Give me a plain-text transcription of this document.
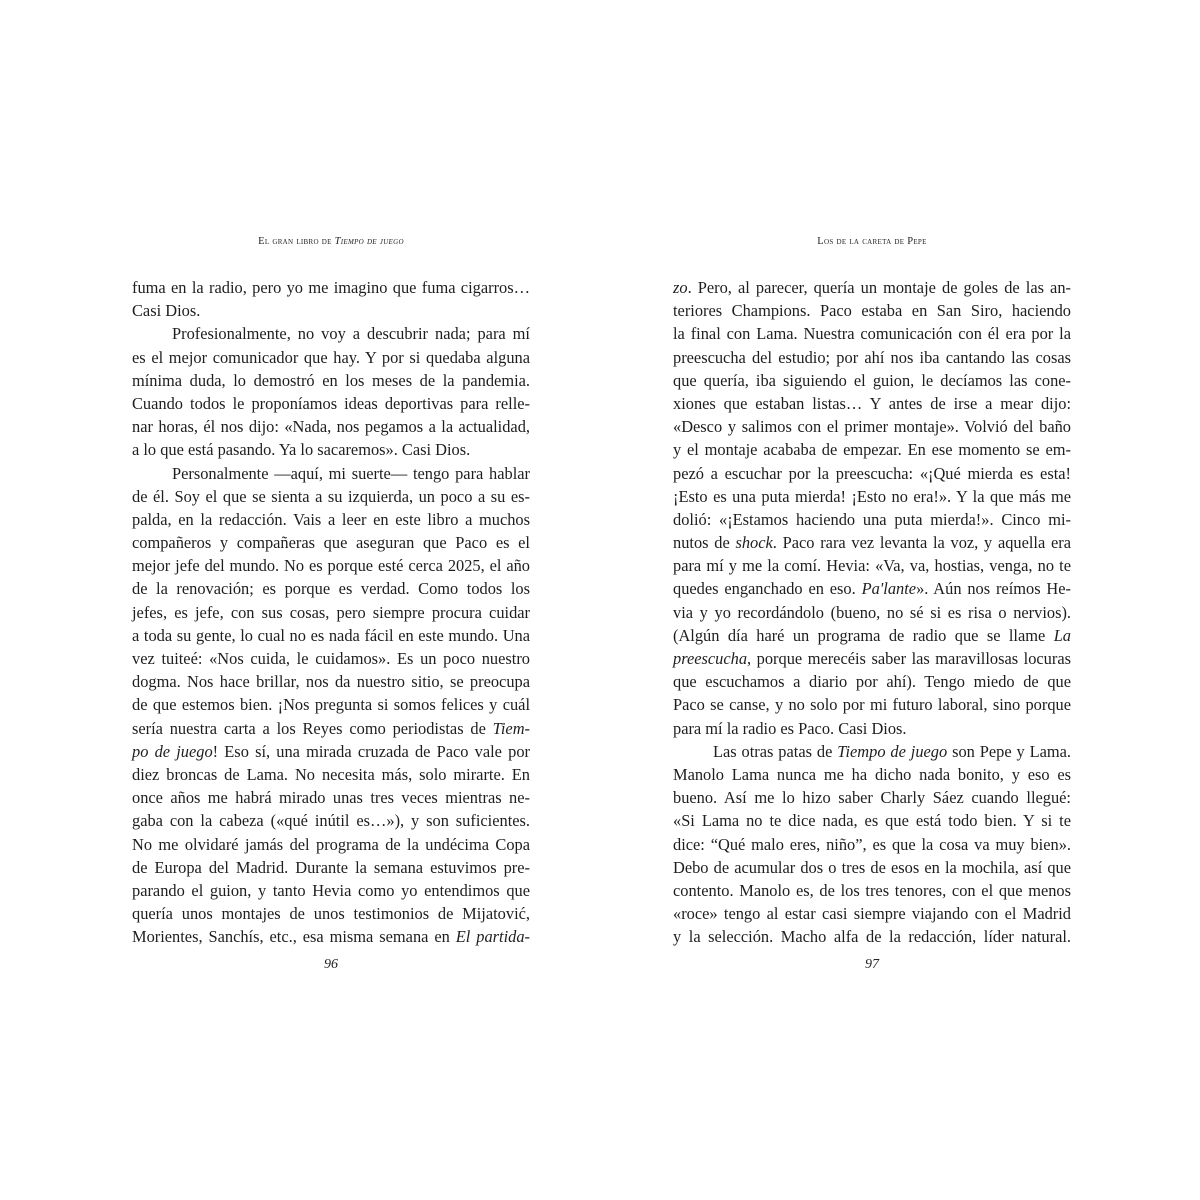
El gran libro de Tiempo de juego
fuma en la radio, pero yo me imagino que fuma cigarros…
Casi Dios.
Profesionalmente, no voy a descubrir nada; para mí
es el mejor comunicador que hay. Y por si quedaba alguna
mínima duda, lo demostró en los meses de la pandemia.
Cuando todos le proponíamos ideas deportivas para relle-
nar horas, él nos dijo: «Nada, nos pegamos a la actualidad,
a lo que está pasando. Ya lo sacaremos». Casi Dios.
Personalmente —aquí, mi suerte— tengo para hablar
de él. Soy el que se sienta a su izquierda, un poco a su es-
palda, en la redacción. Vais a leer en este libro a muchos
compañeros y compañeras que aseguran que Paco es el
mejor jefe del mundo. No es porque esté cerca 2025, el año
de la renovación; es porque es verdad. Como todos los
jefes, es jefe, con sus cosas, pero siempre procura cuidar
a toda su gente, lo cual no es nada fácil en este mundo. Una
vez tuiteé: «Nos cuida, le cuidamos». Es un poco nuestro
dogma. Nos hace brillar, nos da nuestro sitio, se preocupa
de que estemos bien. ¡Nos pregunta si somos felices y cuál
sería nuestra carta a los Reyes como periodistas de Tiem-
po de juego! Eso sí, una mirada cruzada de Paco vale por
diez broncas de Lama. No necesita más, solo mirarte. En
once años me habrá mirado unas tres veces mientras ne-
gaba con la cabeza («qué inútil es…»), y son suficientes.
No me olvidaré jamás del programa de la undécima Copa
de Europa del Madrid. Durante la semana estuvimos pre-
parando el guion, y tanto Hevia como yo entendimos que
quería unos montajes de unos testimonios de Mijatović,
Morientes, Sanchís, etc., esa misma semana en El partida-
96
Los de la careta de Pepe
zo. Pero, al parecer, quería un montaje de goles de las an-
teriores Champions. Paco estaba en San Siro, haciendo
la final con Lama. Nuestra comunicación con él era por la
preescucha del estudio; por ahí nos iba cantando las cosas
que quería, iba siguiendo el guion, le decíamos las cone-
xiones que estaban listas… Y antes de irse a mear dijo:
«Desco y salimos con el primer montaje». Volvió del baño
y el montaje acababa de empezar. En ese momento se em-
pezó a escuchar por la preescucha: «¡Qué mierda es esta!
¡Esto es una puta mierda! ¡Esto no era!». Y la que más me
dolió: «¡Estamos haciendo una puta mierda!». Cinco mi-
nutos de shock. Paco rara vez levanta la voz, y aquella era
para mí y me la comí. Hevia: «Va, va, hostias, venga, no te
quedes enganchado en eso. Pa'lante». Aún nos reímos He-
via y yo recordándolo (bueno, no sé si es risa o nervios).
(Algún día haré un programa de radio que se llame La
preescucha, porque merecéis saber las maravillosas locuras
que escuchamos a diario por ahí). Tengo miedo de que
Paco se canse, y no solo por mi futuro laboral, sino porque
para mí la radio es Paco. Casi Dios.
Las otras patas de Tiempo de juego son Pepe y Lama.
Manolo Lama nunca me ha dicho nada bonito, y eso es
bueno. Así me lo hizo saber Charly Sáez cuando llegué:
«Si Lama no te dice nada, es que está todo bien. Y si te
dice: “Qué malo eres, niño”, es que la cosa va muy bien».
Debo de acumular dos o tres de esos en la mochila, así que
contento. Manolo es, de los tres tenores, con el que menos
«roce» tengo al estar casi siempre viajando con el Madrid
y la selección. Macho alfa de la redacción, líder natural.
97
